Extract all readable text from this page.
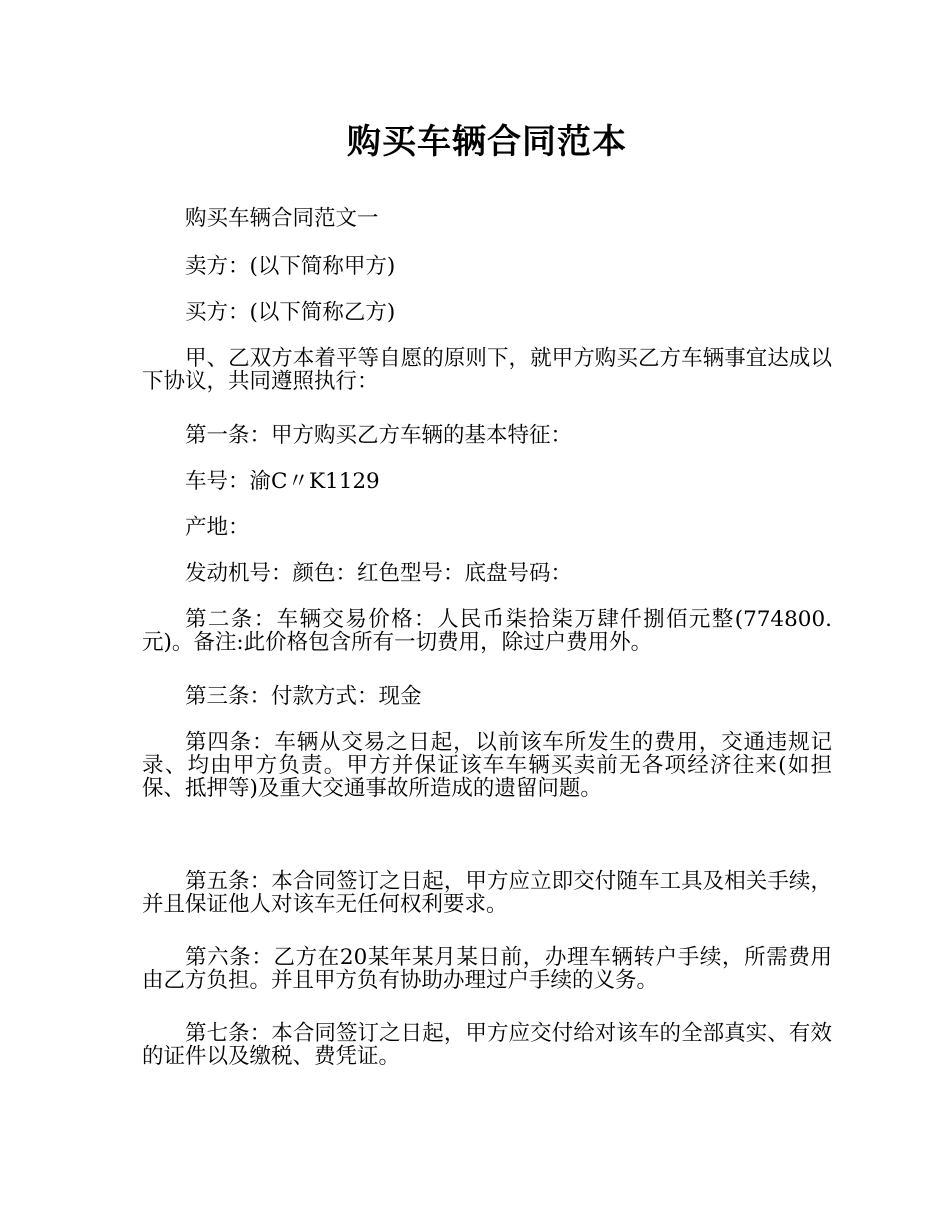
购买车辆合同范本

购买车辆合同范文一

卖方：(以下简称甲方)

买方：(以下简称乙方)

甲、乙双方本着平等自愿的原则下，就甲方购买乙方车辆事宜达成以下协议，共同遵照执行：

第一条：甲方购买乙方车辆的基本特征：

车号：渝C〃K1129

产地：

发动机号：颜色：红色型号：底盘号码：

第二条：车辆交易价格：人民币柒拾柒万肆仟捌佰元整(774800.元)。备注:此价格包含所有一切费用，除过户费用外。

第三条：付款方式：现金

第四条：车辆从交易之日起，以前该车所发生的费用，交通违规记录、均由甲方负责。甲方并保证该车车辆买卖前无各项经济往来(如担保、抵押等)及重大交通事故所造成的遗留问题。

第五条：本合同签订之日起，甲方应立即交付随车工具及相关手续，并且保证他人对该车无任何权利要求。

第六条：乙方在20某年某月某日前，办理车辆转户手续，所需费用由乙方负担。并且甲方负有协助办理过户手续的义务。

第七条：本合同签订之日起，甲方应交付给对该车的全部真实、有效的证件以及缴税、费凭证。
